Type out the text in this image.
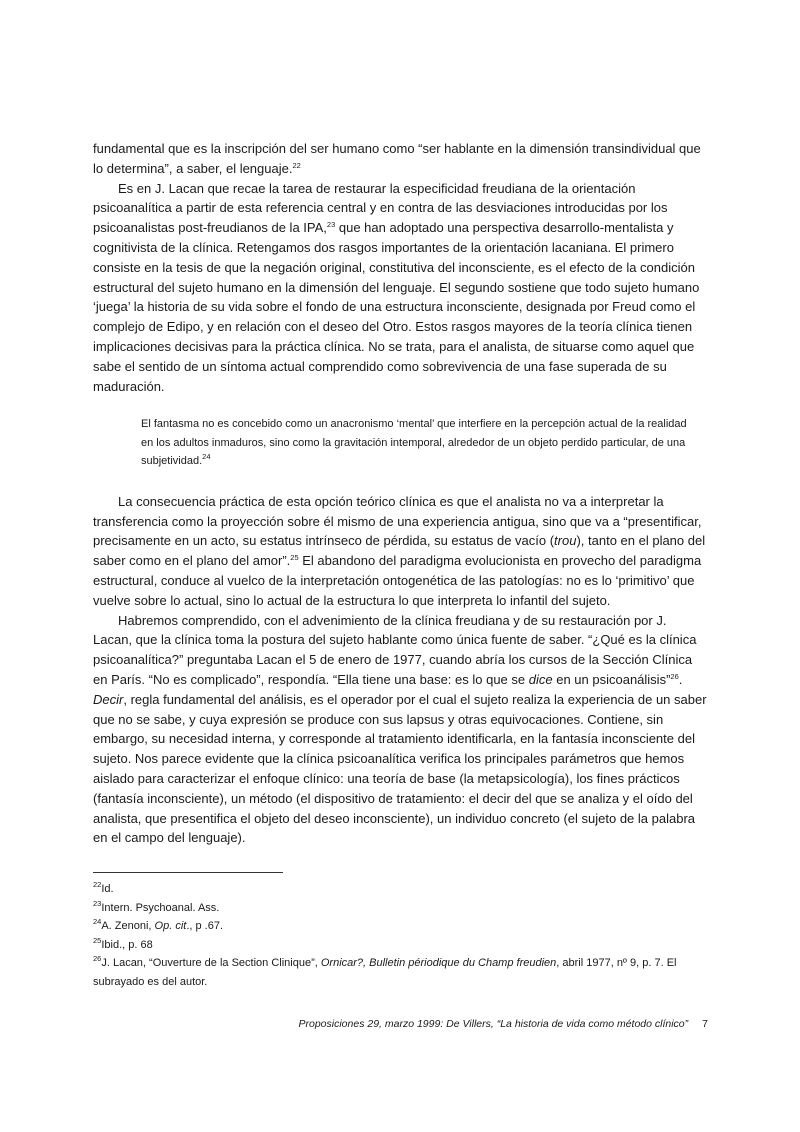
fundamental que es la inscripción del ser humano como “ser hablante en la dimensión transindividual que lo determina”, a saber, el lenguaje.$^{22}$

Es en J. Lacan que recae la tarea de restaurar la especificidad freudiana de la orientación psicoanalítica a partir de esta referencia central y en contra de las desviaciones introducidas por los psicoanalistas post-freudianos de la IPA,$^{23}$ que han adoptado una perspectiva desarrollo-mentalista y cognitivista de la clínica. Retengamos dos rasgos importantes de la orientación lacaniana. El primero consiste en la tesis de que la negación original, constitutiva del inconsciente, es el efecto de la condición estructural del sujeto humano en la dimensión del lenguaje. El segundo sostiene que todo sujeto humano ‘juega’ la historia de su vida sobre el fondo de una estructura inconsciente, designada por Freud como el complejo de Edipo, y en relación con el deseo del Otro. Estos rasgos mayores de la teoría clínica tienen implicaciones decisivas para la práctica clínica. No se trata, para el analista, de situarse como aquel que sabe el sentido de un síntoma actual comprendido como sobrevivencia de una fase superada de su maduración.

El fantasma no es concebido como un anacronismo ‘mental’ que interfiere en la percepción actual de la realidad en los adultos inmaduros, sino como la gravitación intemporal, alrededor de un objeto perdido particular, de una subjetividad.$^{24}$

La consecuencia práctica de esta opción teórico clínica es que el analista no va a interpretar la transferencia como la proyección sobre él mismo de una experiencia antigua, sino que va a “presentificar, precisamente en un acto, su estatus intrínseco de pérdida, su estatus de vacío (trou), tanto en el plano del saber como en el plano del amor”.$^{25}$ El abandono del paradigma evolucionista en provecho del paradigma estructural, conduce al vuelco de la interpretación ontogenética de las patologías: no es lo ‘primitivo’ que vuelve sobre lo actual, sino lo actual de la estructura lo que interpreta lo infantil del sujeto.

Habremos comprendido, con el advenimiento de la clínica freudiana y de su restauración por J. Lacan, que la clínica toma la postura del sujeto hablante como única fuente de saber. “¿Qué es la clínica psicoanalítica?” preguntaba Lacan el 5 de enero de 1977, cuando abría los cursos de la Sección Clínica en París. “No es complicado”, respondía. “Ella tiene una base: es lo que se dice en un psicoanálisis”$^{26}$. Decir, regla fundamental del análisis, es el operador por el cual el sujeto realiza la experiencia de un saber que no se sabe, y cuya expresión se produce con sus lapsus y otras equivocaciones. Contiene, sin embargo, su necesidad interna, y corresponde al tratamiento identificarla, en la fantasía inconsciente del sujeto. Nos parece evidente que la clínica psicoanalítica verifica los principales parámetros que hemos aislado para caracterizar el enfoque clínico: una teoría de base (la metapsicología), los fines prácticos (fantasía inconsciente), un método (el dispositivo de tratamiento: el decir del que se analiza y el oído del analista, que presentifica el objeto del deseo inconsciente), un individuo concreto (el sujeto de la palabra en el campo del lenguaje).

$^{22}$Id.

$^{23}$Intern. Psychoanal. Ass.

$^{24}$A. Zenoni, Op. cit., p .67.

$^{25}$Ibid., p. 68

$^{26}$J. Lacan, “Ouverture de la Section Clinique”, Ornicar?, Bulletin périodique du Champ freudien, abril 1977, nº 9, p. 7. El subrayado es del autor.

Proposiciones 29, marzo 1999: De Villers, “La historia de vida como método clínico” 7
